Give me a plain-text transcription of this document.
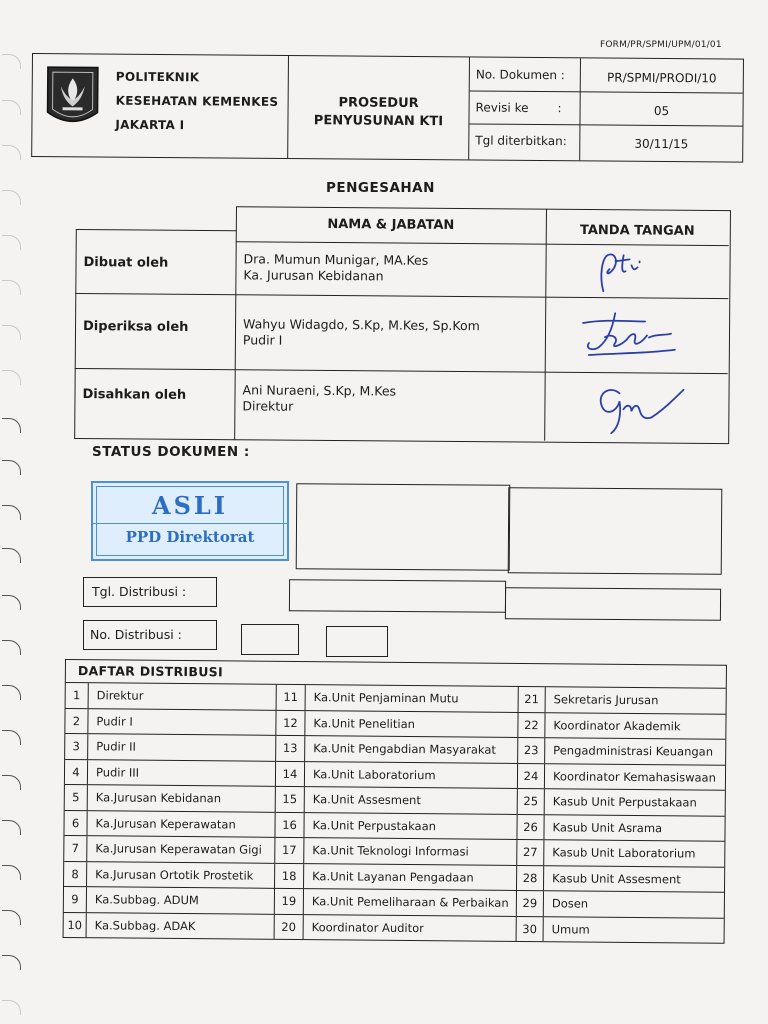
FORM/PR/SPMI/UPM/01/01
POLITEKNIK
KESEHATAN KEMENKES
JAKARTA I
PROSEDUR
PENYUSUNAN KTI
No. Dokumen :	PR/SPMI/PRODI/10
Revisi ke :	05
Tgl diterbitkan:	30/11/15
PENGESAHAN
NAMA & JABATAN	TANDA TANGAN
Dibuat oleh	Dra. Mumun Munigar, MA.Kes
Ka. Jurusan Kebidanan
Diperiksa oleh	Wahyu Widagdo, S.Kp, M.Kes, Sp.Kom
Pudir I
Disahkan oleh	Ani Nuraeni, S.Kp, M.Kes
Direktur
STATUS DOKUMEN :
ASLI
PPD Direktorat
Tgl. Distribusi :
No. Distribusi :
DAFTAR DISTRIBUSI
1	Direktur
2	Pudir I
3	Pudir II
4	Pudir III
5	Ka.Jurusan Kebidanan
6	Ka.Jurusan Keperawatan
7	Ka.Jurusan Keperawatan Gigi
8	Ka.Jurusan Ortotik Prostetik
9	Ka.Subbag. ADUM
10	Ka.Subbag. ADAK
11	Ka.Unit Penjaminan Mutu
12	Ka.Unit Penelitian
13	Ka.Unit Pengabdian Masyarakat
14	Ka.Unit Laboratorium
15	Ka.Unit Assesment
16	Ka.Unit Perpustakaan
17	Ka.Unit Teknologi Informasi
18	Ka.Unit Layanan Pengadaan
19	Ka.Unit Pemeliharaan & Perbaikan
20	Koordinator Auditor
21	Sekretaris Jurusan
22	Koordinator Akademik
23	Pengadministrasi Keuangan
24	Koordinator Kemahasiswaan
25	Kasub Unit Perpustakaan
26	Kasub Unit Asrama
27	Kasub Unit Laboratorium
28	Kasub Unit Assesment
29	Dosen
30	Umum
